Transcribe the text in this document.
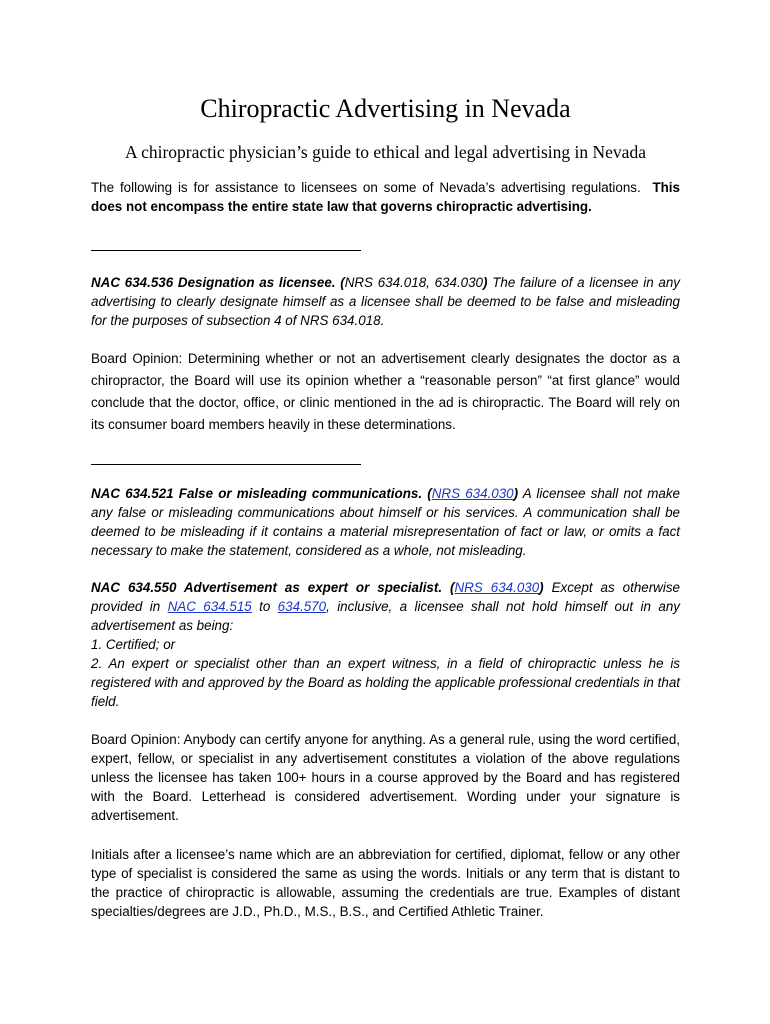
Chiropractic Advertising in Nevada
A chiropractic physician’s guide to ethical and legal advertising in Nevada
The following is for assistance to licensees on some of Nevada’s advertising regulations. This does not encompass the entire state law that governs chiropractic advertising.
NAC 634.536 Designation as licensee. (NRS 634.018, 634.030) The failure of a licensee in any advertising to clearly designate himself as a licensee shall be deemed to be false and misleading for the purposes of subsection 4 of NRS 634.018.
Board Opinion: Determining whether or not an advertisement clearly designates the doctor as a chiropractor, the Board will use its opinion whether a “reasonable person” “at first glance” would conclude that the doctor, office, or clinic mentioned in the ad is chiropractic. The Board will rely on its consumer board members heavily in these determinations.
NAC 634.521 False or misleading communications. (NRS 634.030) A licensee shall not make any false or misleading communications about himself or his services. A communication shall be deemed to be misleading if it contains a material misrepresentation of fact or law, or omits a fact necessary to make the statement, considered as a whole, not misleading.
NAC 634.550 Advertisement as expert or specialist. (NRS 634.030) Except as otherwise provided in NAC 634.515 to 634.570, inclusive, a licensee shall not hold himself out in any advertisement as being:
1. Certified; or
2. An expert or specialist other than an expert witness, in a field of chiropractic unless he is registered with and approved by the Board as holding the applicable professional credentials in that field.
Board Opinion: Anybody can certify anyone for anything. As a general rule, using the word certified, expert, fellow, or specialist in any advertisement constitutes a violation of the above regulations unless the licensee has taken 100+ hours in a course approved by the Board and has registered with the Board. Letterhead is considered advertisement. Wording under your signature is advertisement.
Initials after a licensee’s name which are an abbreviation for certified, diplomat, fellow or any other type of specialist is considered the same as using the words. Initials or any term that is distant to the practice of chiropractic is allowable, assuming the credentials are true. Examples of distant specialties/degrees are J.D., Ph.D., M.S., B.S., and Certified Athletic Trainer.
